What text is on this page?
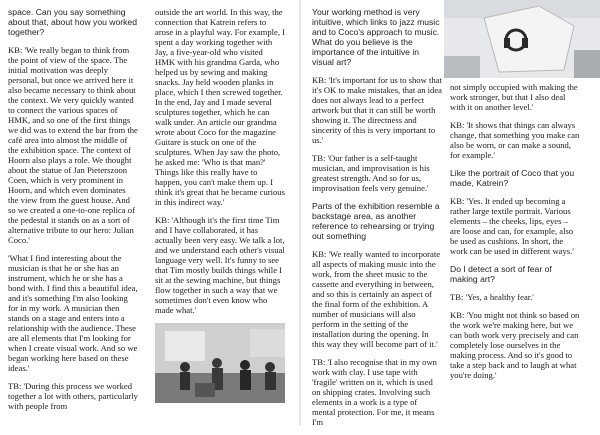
space. Can you say something about that, about how you worked together?

KB: 'We really began to think from the point of view of the space. The initial motivation was deeply personal, but once we arrived here it also became necessary to think about the context. We very quickly wanted to connect the various spaces of HMK, and so one of the first things we did was to extend the bar from the café area into almost the middle of the exhibition space. The context of Hoorn also plays a role. We thought about the statue of Jan Pieterszoon Coen, which is very prominent in Hoorn, and which even dominates the view from the guest house. And so we created a one-to-one replica of the pedestal it stands on as a sort of alternative tribute to our hero: Julian Coco.'

'What I find interesting about the musician is that he or she has an instrument, which he or she has a bond with. I find this a beautiful idea, and it's something I'm also looking for in my work. A musician then stands on a stage and enters into a relationship with the audience. These are all elements that I'm looking for when I create visual work. And so we began working here based on these ideas.'

TB: 'During this process we worked together a lot with others, particularly with people from

outside the art world. In this way, the connection that Katrein refers to arose in a playful way. For example, I spent a day working together with Jay, a five-year-old who visited HMK with his grandma Garda, who helped us by sewing and making snacks. Jay held wooden planks in place, which I then screwed together. In the end, Jay and I made several sculptures together, which he can walk under. An article our grandma wrote about Coco for the magazine Guitare is stuck on one of the sculptures. When Jay saw the photo, he asked me: 'Who is that man?' Things like this really have to happen, you can't make them up. I think it's great that he became curious in this indirect way.'

KB: 'Although it's the first time Tim and I have collaborated, it has actually been very easy. We talk a lot, and we understand each other's visual language very well. It's funny to see that Tim mostly builds things while I sit at the sewing machine, but things flow together in such a way that we sometimes don't even know who made what.'

Your working method is very intuitive, which links to jazz music and to Coco's approach to music. What do you believe is the importance of the intuitive in visual art?

KB: 'It's important for us to show that it's OK to make mistakes, that an idea does not always lead to a perfect artwork but that it can still be worth showing it. The directness and sincerity of this is very important to us.'

TB: 'Our father is a self-taught musician, and improvisation is his greatest strength. And so for us, improvisation feels very genuine.'

Parts of the exhibition resemble a backstage area, as another reference to rehearsing or trying out something

KB: 'We really wanted to incorporate all aspects of making music into the work, from the sheet music to the cassette and everything in between, and so this is certainly an aspect of the final form of the exhibition. A number of musicians will also perform in the setting of the installation during the opening. In this way they will become part of it.'

TB: 'I also recognise that in my own work with clay. I use tape with 'fragile' written on it, which is used on shipping crates. Involving such elements in a work is a type of mental protection. For me, it means I'm

not simply occupied with making the work stronger, but that I also deal with it on another level.'

KB: 'It shows that things can always change, that something you make can also be worn, or can make a sound, for example.'

Like the portrait of Coco that you made, Katrein?

KB: 'Yes. It ended up becoming a rather large textile portrait. Various elements – the cheeks, lips, eyes – are loose and can, for example, also be used as cushions. In short, the work can be used in different ways.'

Do I detect a sort of fear of making art?

TB: 'Yes, a healthy fear.'

KB: 'You might not think so based on the work we're making here, but we can both work very precisely and can completely lose ourselves in the making process. And so it's good to take a step back and to laugh at what you're doing.'
